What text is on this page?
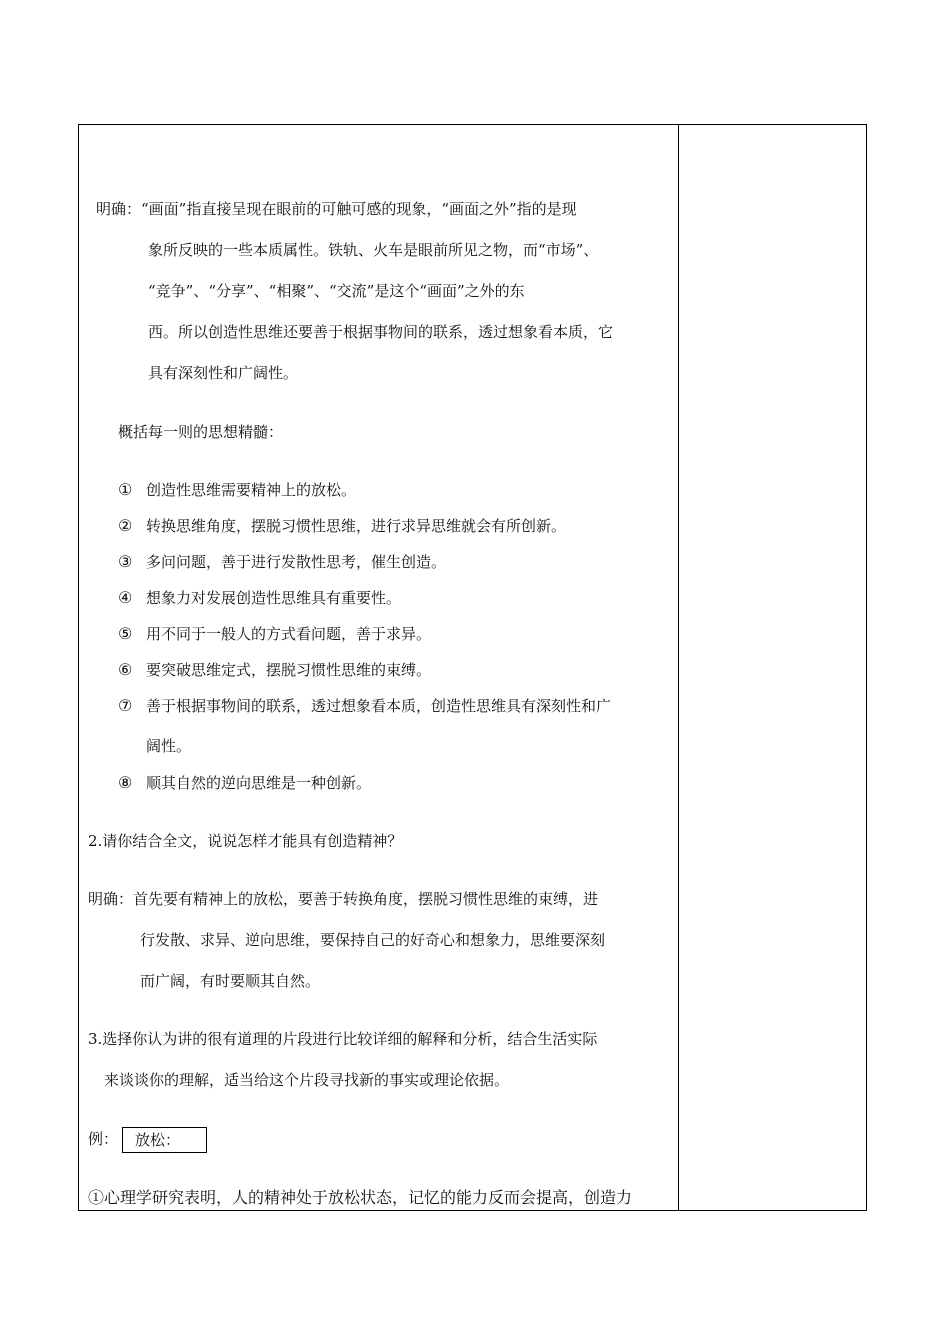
明确：“画面”指直接呈现在眼前的可触可感的现象，“画面之外”指的是现
象所反映的一些本质属性。铁轨、火车是眼前所见之物，而“市场”、
“竞争”、“分享”、“相聚”、“交流”是这个“画面”之外的东
西。所以创造性思维还要善于根据事物间的联系，透过想象看本质，它
具有深刻性和广阔性。
概括每一则的思想精髓：
① 创造性思维需要精神上的放松。
② 转换思维角度，摆脱习惯性思维，进行求异思维就会有所创新。
③ 多问问题，善于进行发散性思考，催生创造。
④ 想象力对发展创造性思维具有重要性。
⑤ 用不同于一般人的方式看问题，善于求异。
⑥ 要突破思维定式，摆脱习惯性思维的束缚。
⑦ 善于根据事物间的联系，透过想象看本质，创造性思维具有深刻性和广
阔性。
⑧ 顺其自然的逆向思维是一种创新。
2.请你结合全文，说说怎样才能具有创造精神？
明确：首先要有精神上的放松，要善于转换角度，摆脱习惯性思维的束缚，进
行发散、求异、逆向思维，要保持自己的好奇心和想象力，思维要深刻
而广阔，有时要顺其自然。
3.选择你认为讲的很有道理的片段进行比较详细的解释和分析，结合生活实际
来谈谈你的理解，适当给这个片段寻找新的事实或理论依据。
例：	放松：
①心理学研究表明，人的精神处于放松状态，记忆的能力反而会提高，创造力
